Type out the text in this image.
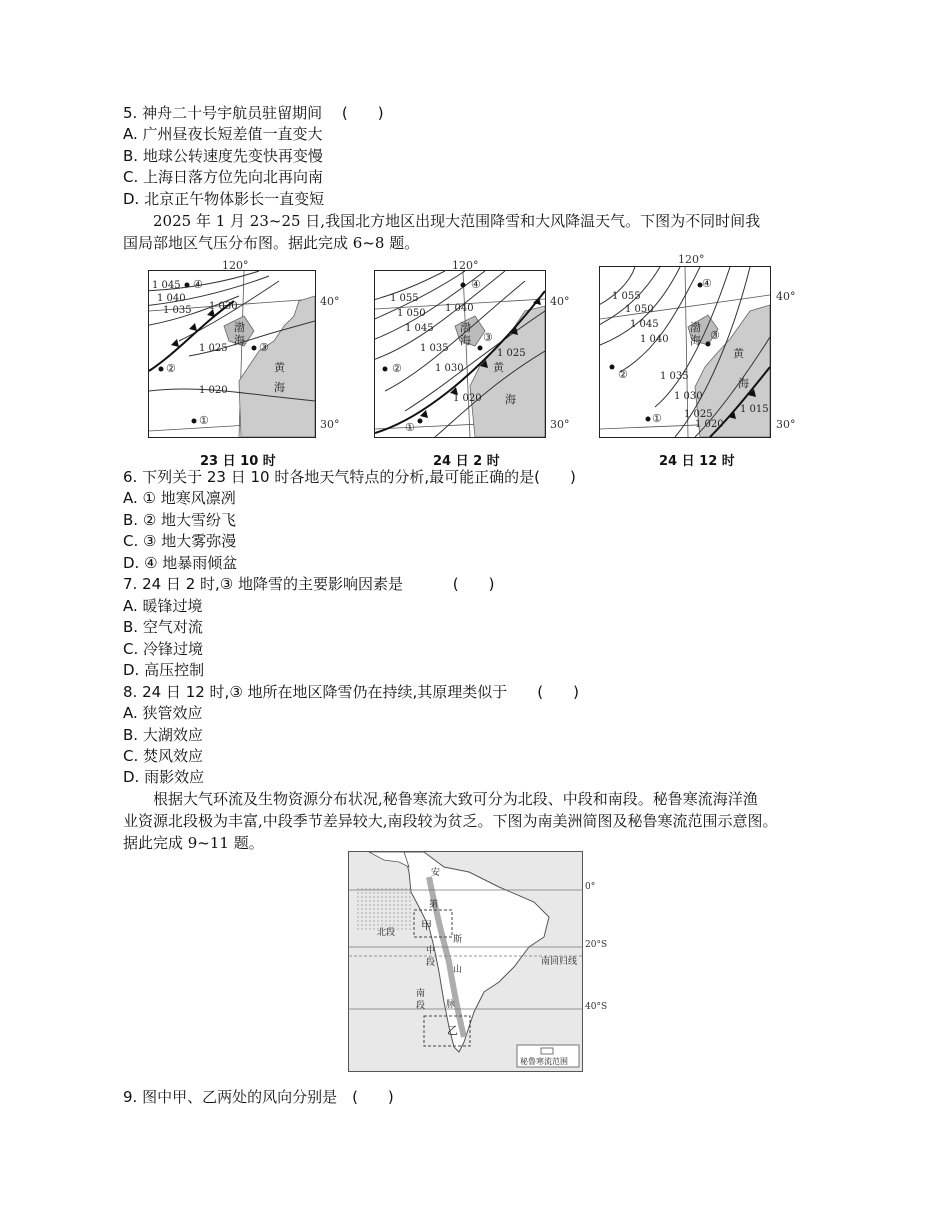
5. 神舟二十号宇航员驻留期间　 (　　)
A. 广州昼夜长短差值一直变大
B. 地球公转速度先变快再变慢
C. 上海日落方位先向北再向南
D. 北京正午物体影长一直变短
2025 年 1 月 23~25 日,我国北方地区出现大范围降雪和大风降温天气。下图为不同时间我
国局部地区气压分布图。据此完成 6~8 题。
④
③
②
①
1 045
1 040
1 035 1 030
1 025
1 020
渤
海
黄
海
120°
40°
30°
23 日 10 时
④
③
②
①
1 055
1 050
1 045
1 040
1 035
1 030
1 025
1 020
渤
海
黄
海
120°
40°
30°
24 日 2 时
④
③
②
①
1 055
1 050
1 045
1 040
1 035
1 030
1 025
1 020
1 015
渤
海
黄
海
120°
40°
30°
24 日 12 时
6. 下列关于 23 日 10 时各地天气特点的分析,最可能正确的是(　　)
A. ① 地寒风凛冽
B. ② 地大雪纷飞
C. ③ 地大雾弥漫
D. ④ 地暴雨倾盆
7. 24 日 2 时,③ 地降雪的主要影响因素是　　　 (　　)
A. 暖锋过境
B. 空气对流
C. 冷锋过境
D. 高压控制
8. 24 日 12 时,③ 地所在地区降雪仍在持续,其原理类似于　　(　　)
A. 狭管效应
B. 大湖效应
C. 焚风效应
D. 雨影效应
根据大气环流及生物资源分布状况,秘鲁寒流大致可分为北段、中段和南段。秘鲁寒流海洋渔
业资源北段极为丰富,中段季节差异较大,南段较为贫乏。下图为南美洲简图及秘鲁寒流范围示意图。
据此完成 9~11 题。
秘鲁寒流范围
安
第
斯
山
脉
北段
中
段
南
段
甲
乙
南回归线
0°
20°S
40°S
9. 图中甲、乙两处的风向分别是　(　　)
